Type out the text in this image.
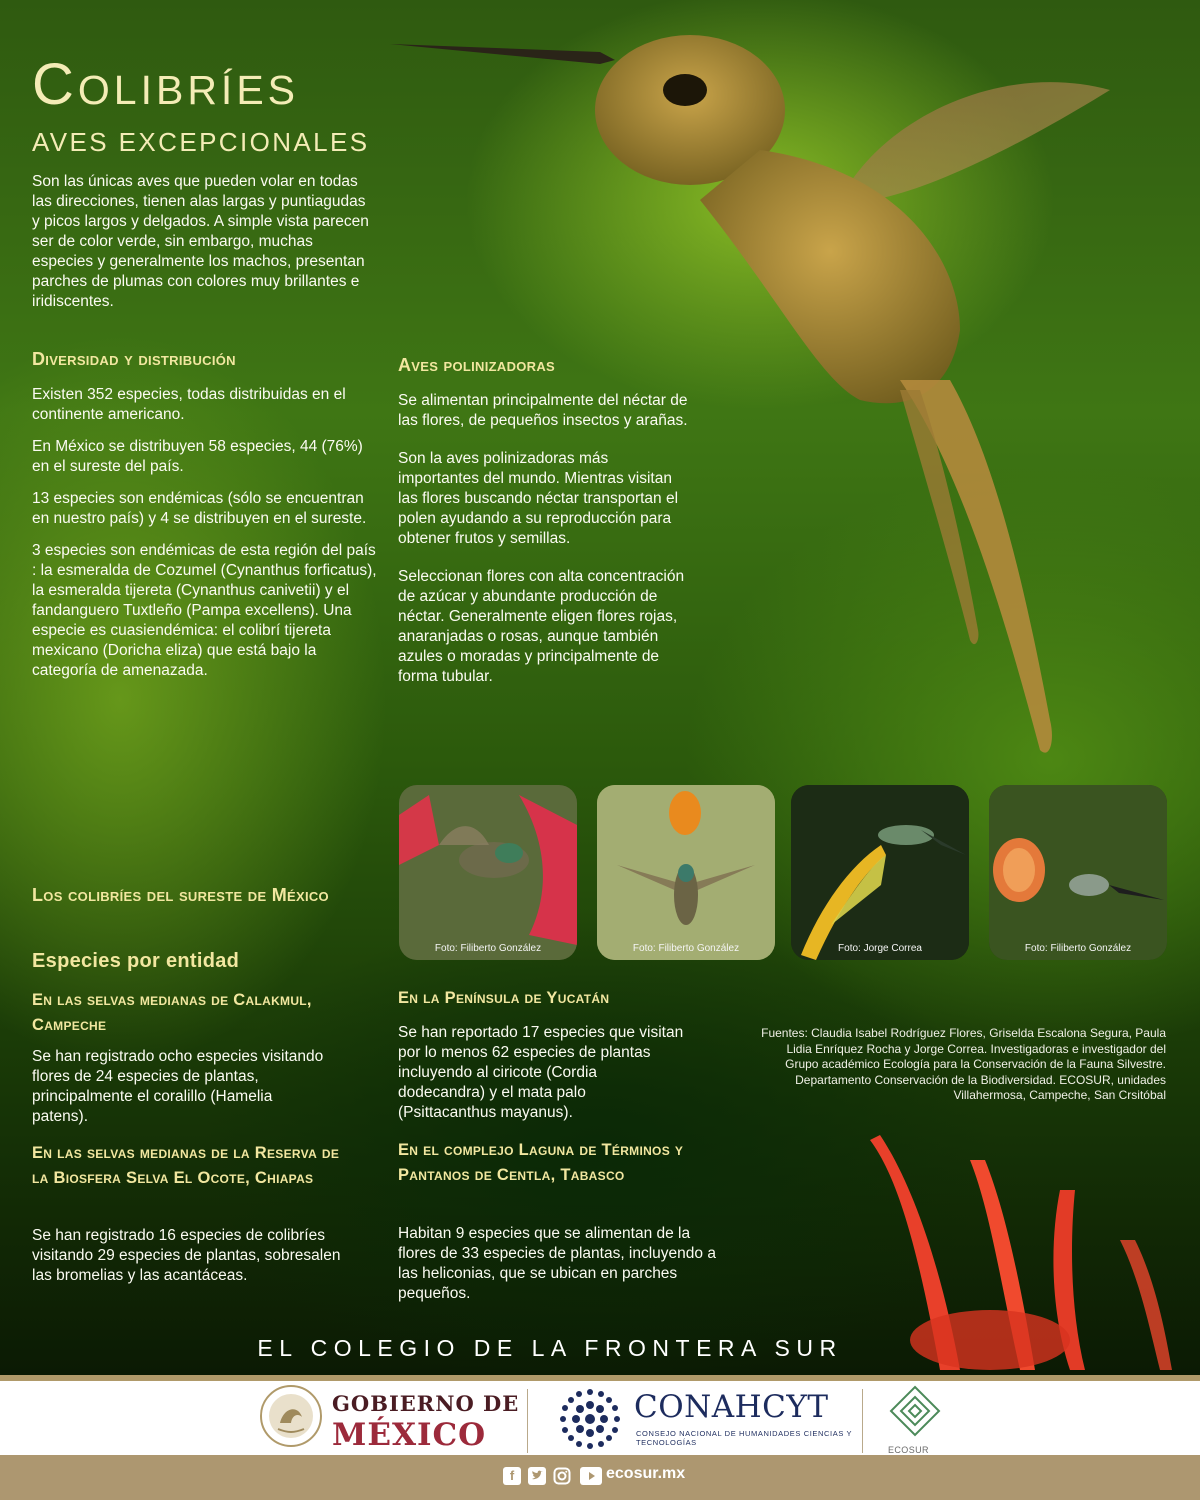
Colibríes
AVES EXCEPCIONALES
Son las únicas aves que pueden volar en todas las direcciones, tienen alas largas y puntiagudas y picos largos y delgados. A simple vista parecen ser de color verde, sin embargo, muchas especies y generalmente los machos, presentan parches de plumas con colores muy brillantes e iridiscentes.
Diversidad y distribución

Existen 352 especies, todas distribuidas en el continente americano.

En México se distribuyen 58 especies, 44 (76%) en el sureste del país.

13 especies son endémicas (sólo se encuentran en nuestro país) y 4 se distribuyen en el sureste.

3 especies son endémicas de esta región del país : la esmeralda de Cozumel (Cynanthus forficatus), la esmeralda tijereta (Cynanthus canivetii) y el fandanguero Tuxtleño (Pampa excellens). Una especie es cuasiendémica: el colibrí tijereta mexicano (Doricha eliza) que está bajo la categoría de amenazada.

Aves polinizadoras

Se alimentan principalmente del néctar de las flores, de pequeños insectos y arañas.

Son la aves polinizadoras más importantes del mundo. Mientras visitan las flores buscando néctar transportan el polen ayudando a su reproducción para obtener frutos y semillas.

Seleccionan flores con alta concentración de azúcar y abundante producción de néctar. Generalmente eligen flores rojas, anaranjadas o rosas, aunque también azules o moradas y principalmente de forma tubular.

Foto: Filiberto González	Foto: Filiberto González	Foto: Jorge Correa	Foto: Filiberto González
Los colibríes del sureste de México
Especies por entidad
En las selvas medianas de Calakmul, Campeche
Se han registrado ocho especies visitando flores de 24 especies de plantas, principalmente el coralillo (Hamelia patens).
En las selvas medianas de la Reserva de la Biosfera Selva El Ocote, Chiapas
Se han registrado 16 especies de colibríes visitando 29 especies de plantas, sobresalen las bromelias y las acantáceas.
En la Península de Yucatán
Se han reportado 17 especies que visitan por lo menos 62 especies de plantas incluyendo al ciricote (Cordia dodecandra) y el mata palo (Psittacanthus mayanus).
En el complejo Laguna de Términos y Pantanos de Centla, Tabasco
Habitan 9 especies que se alimentan de la flores de 33 especies de plantas, incluyendo a las heliconias, que se ubican en parches pequeños.
Fuentes: Claudia Isabel Rodríguez Flores, Griselda Escalona Segura, Paula Lidia Enríquez Rocha y Jorge Correa. Investigadoras e investigador del Grupo académico Ecología para la Conservación de la Fauna Silvestre. Departamento Conservación de la Biodiversidad. ECOSUR, unidades Villahermosa, Campeche, San Crsitóbal
EL COLEGIO DE LA FRONTERA SUR
GOBIERNO DE
MÉXICO
CONAHCYT
CONSEJO NACIONAL DE HUMANIDADES CIENCIAS Y TECNOLOGÍAS
ECOSUR
f	ecosur.mx
